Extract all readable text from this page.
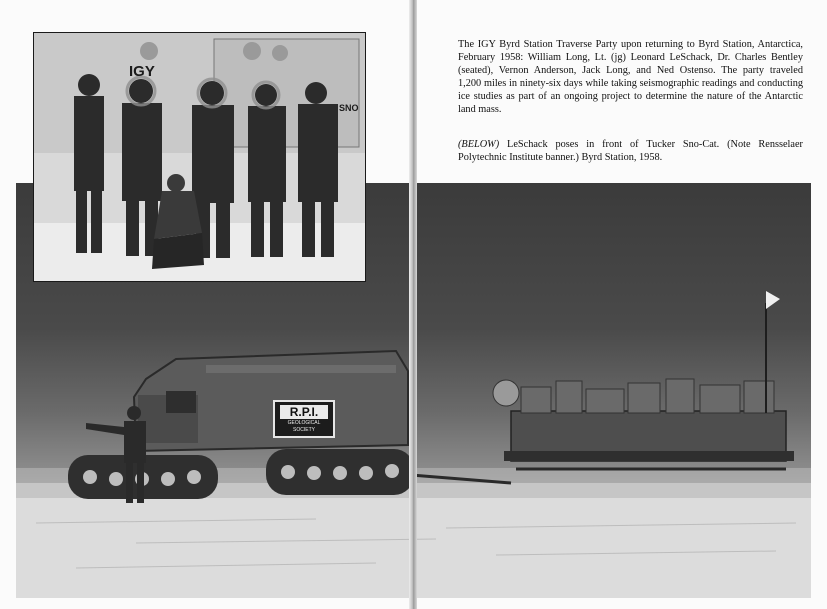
R.P.I.
GEOLOGICAL
SOCIETY
IGY
SNO
The IGY Byrd Station Traverse Party upon returning to Byrd Station, Antarctica,
February 1958: William Long, Lt. (jg) Leonard LeSchack, Dr. Charles Bentley
(seated), Vernon Anderson, Jack Long, and Ned Ostenso. The party traveled
1,200 miles in ninety-six days while taking seismographic readings and conducting
ice studies as part of an ongoing project to determine the nature of the Antarctic
land mass.
(BELOW) LeSchack poses in front of Tucker Sno-Cat. (Note Rensselaer
Polytechnic Institute banner.) Byrd Station, 1958.
